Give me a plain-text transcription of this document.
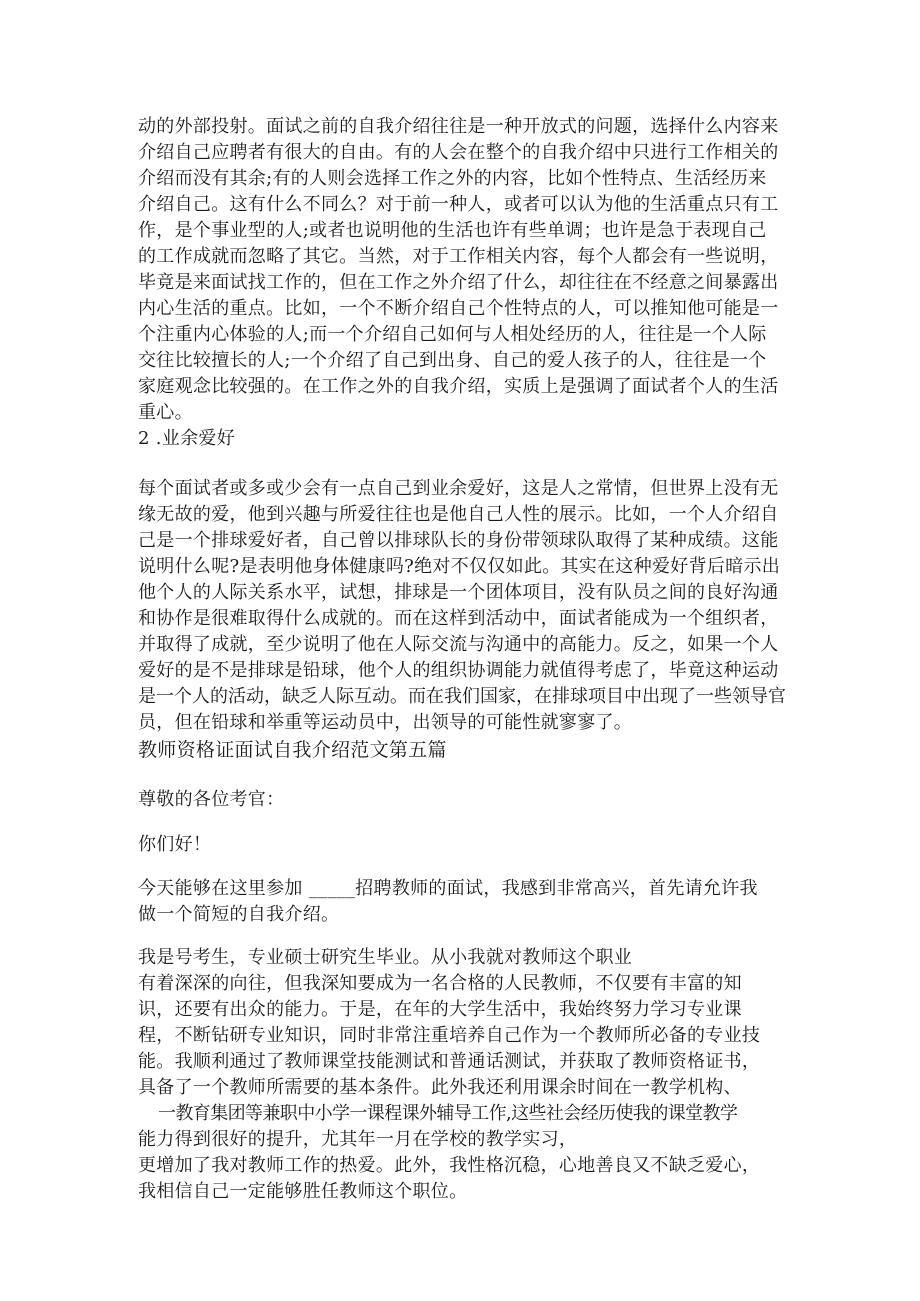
动的外部投射。面试之前的自我介绍往往是一种开放式的问题，选择什么内容来
介绍自己应聘者有很大的自由。有的人会在整个的自我介绍中只进行工作相关的
介绍而没有其余;有的人则会选择工作之外的内容，比如个性特点、生活经历来
介绍自己。这有什么不同么？对于前一种人，或者可以认为他的生活重点只有工
作，是个事业型的人;或者也说明他的生活也许有些单调；也许是急于表现自己
的工作成就而忽略了其它。当然，对于工作相关内容，每个人都会有一些说明，
毕竟是来面试找工作的，但在工作之外介绍了什么，却往往在不经意之间暴露出
内心生活的重点。比如，一个不断介绍自己个性特点的人，可以推知他可能是一
个注重内心体验的人;而一个介绍自己如何与人相处经历的人，往往是一个人际
交往比较擅长的人;一个介绍了自己到出身、自己的爱人孩子的人，往往是一个
家庭观念比较强的。在工作之外的自我介绍，实质上是强调了面试者个人的生活
重心。
2 .业余爱好
每个面试者或多或少会有一点自己到业余爱好，这是人之常情，但世界上没有无
缘无故的爱，他到兴趣与所爱往往也是他自己人性的展示。比如，一个人介绍自
己是一个排球爱好者，自己曾以排球队长的身份带领球队取得了某种成绩。这能
说明什么呢?是表明他身体健康吗?绝对不仅仅如此。其实在这种爱好背后暗示出
他个人的人际关系水平，试想，排球是一个团体项目，没有队员之间的良好沟通
和协作是很难取得什么成就的。而在这样到活动中，面试者能成为一个组织者，
并取得了成就，至少说明了他在人际交流与沟通中的高能力。反之，如果一个人
爱好的是不是排球是铅球，他个人的组织协调能力就值得考虑了，毕竟这种运动
是一个人的活动，缺乏人际互动。而在我们国家，在排球项目中出现了一些领导官
员，但在铅球和举重等运动员中，出领导的可能性就寥寥了。
教师资格证面试自我介绍范文第五篇
尊敬的各位考官：
你们好！
今天能够在这里参加 _____招聘教师的面试，我感到非常高兴，首先请允许我
做一个简短的自我介绍。
我是号考生，专业硕士研究生毕业。从小我就对教师这个职业
有着深深的向往，但我深知要成为一名合格的人民教师，不仅要有丰富的知
识，还要有出众的能力。于是，在年的大学生活中，我始终努力学习专业课
程，不断钻研专业知识，同时非常注重培养自己作为一个教师所必备的专业技
能。我顺利通过了教师课堂技能测试和普通话测试，并获取了教师资格证书，
具备了一个教师所需要的基本条件。此外我还利用课余时间在一教学机构、
一教育集团等兼职中小学一课程课外辅导工作,这些社会经历使我的课堂教学
能力得到很好的提升，尤其年一月在学校的教学实习，
更增加了我对教师工作的热爱。此外，我性格沉稳，心地善良又不缺乏爱心，
我相信自己一定能够胜任教师这个职位。
